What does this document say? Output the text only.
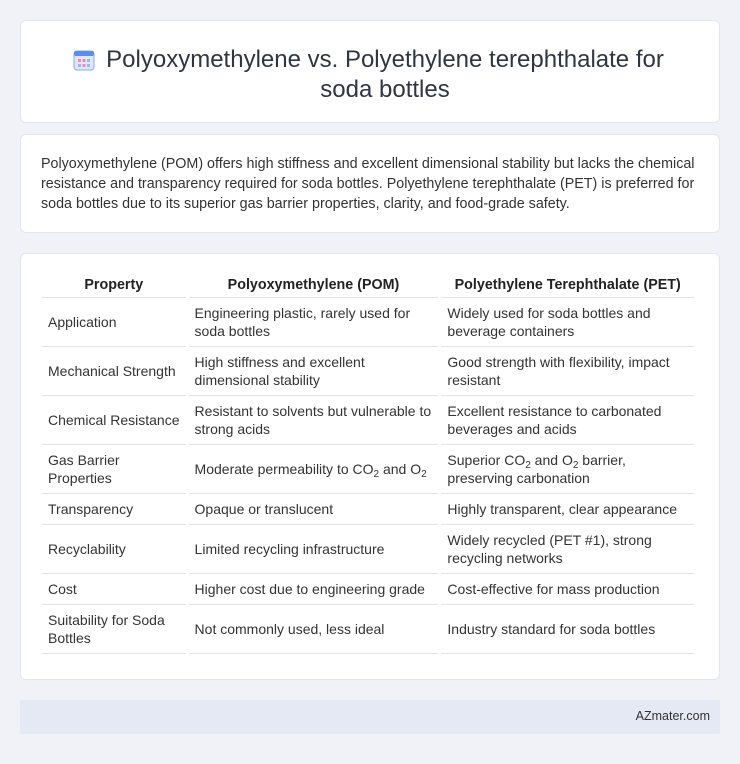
Polyoxymethylene vs. Polyethylene terephthalate for soda bottles

Polyoxymethylene (POM) offers high stiffness and excellent dimensional stability but lacks the chemical resistance and transparency required for soda bottles. Polyethylene terephthalate (PET) is preferred for soda bottles due to its superior gas barrier properties, clarity, and food-grade safety.

Property	Polyoxymethylene (POM)	Polyethylene Terephthalate (PET)
Application	Engineering plastic, rarely used for soda bottles	Widely used for soda bottles and beverage containers
Mechanical Strength	High stiffness and excellent dimensional stability	Good strength with flexibility, impact resistant
Chemical Resistance	Resistant to solvents but vulnerable to strong acids	Excellent resistance to carbonated beverages and acids
Gas Barrier Properties	Moderate permeability to $CO_2$ and $O_2$	Superior $CO_2$ and $O_2$ barrier, preserving carbonation
Transparency	Opaque or translucent	Highly transparent, clear appearance
Recyclability	Limited recycling infrastructure	Widely recycled (PET #1), strong recycling networks
Cost	Higher cost due to engineering grade	Cost-effective for mass production
Suitability for Soda Bottles	Not commonly used, less ideal	Industry standard for soda bottles
AZmater.com
